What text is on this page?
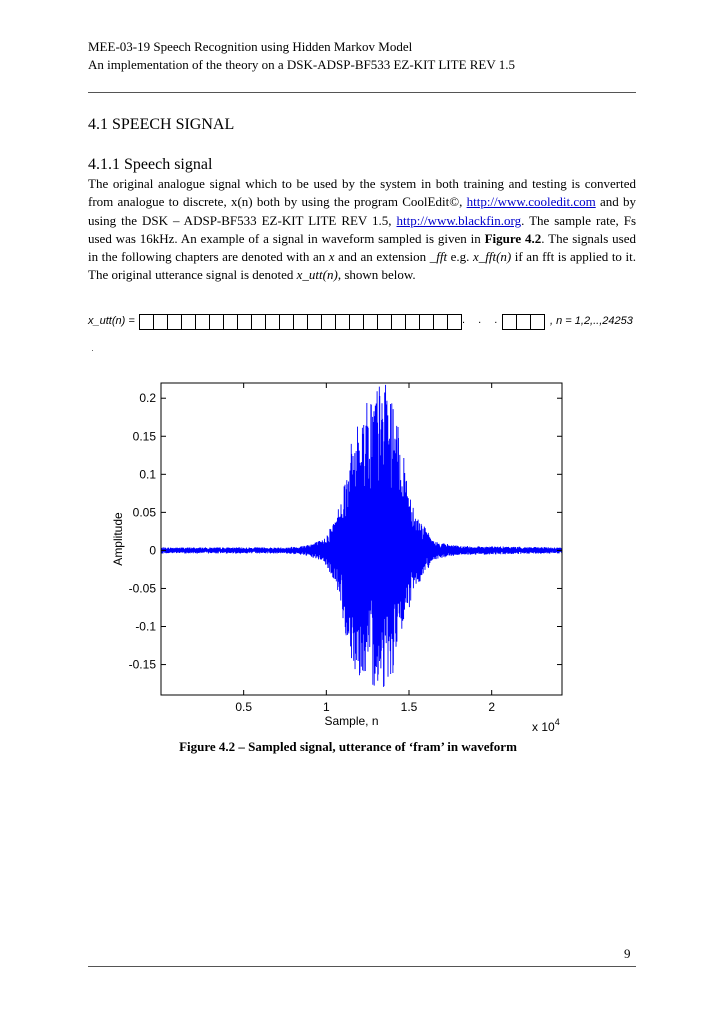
MEE-03-19 Speech Recognition using Hidden Markov Model
An implementation of the theory on a DSK-ADSP-BF533 EZ-KIT LITE REV 1.5
4.1 SPEECH SIGNAL
4.1.1 Speech signal

The original analogue signal which to be used by the system in both training and testing is converted from analogue to discrete, x(n) both by using the program CoolEdit©, http://www.cooledit.com and by using the DSK – ADSP-BF533 EZ-KIT LITE REV 1.5, http://www.blackfin.org. The sample rate, Fs used was 16kHz. An example of a signal in waveform sampled is given in Figure 4.2. The signals used in the following chapters are denoted with an x and an extension _fft e.g. x_fft(n) if an fft is applied to it. The original utterance signal is denoted x_utt(n), shown below.

x_utt(n) =	. . .	, n = 1,2,..,24253
0.2
0.15
0.1
0.05
0
-0.05
-0.1
-0.15
0.5	1	1.5	2
Amplitude
Sample, n	x $10^4$
Figure 4.2 – Sampled signal, utterance of ‘fram’ in waveform
9
